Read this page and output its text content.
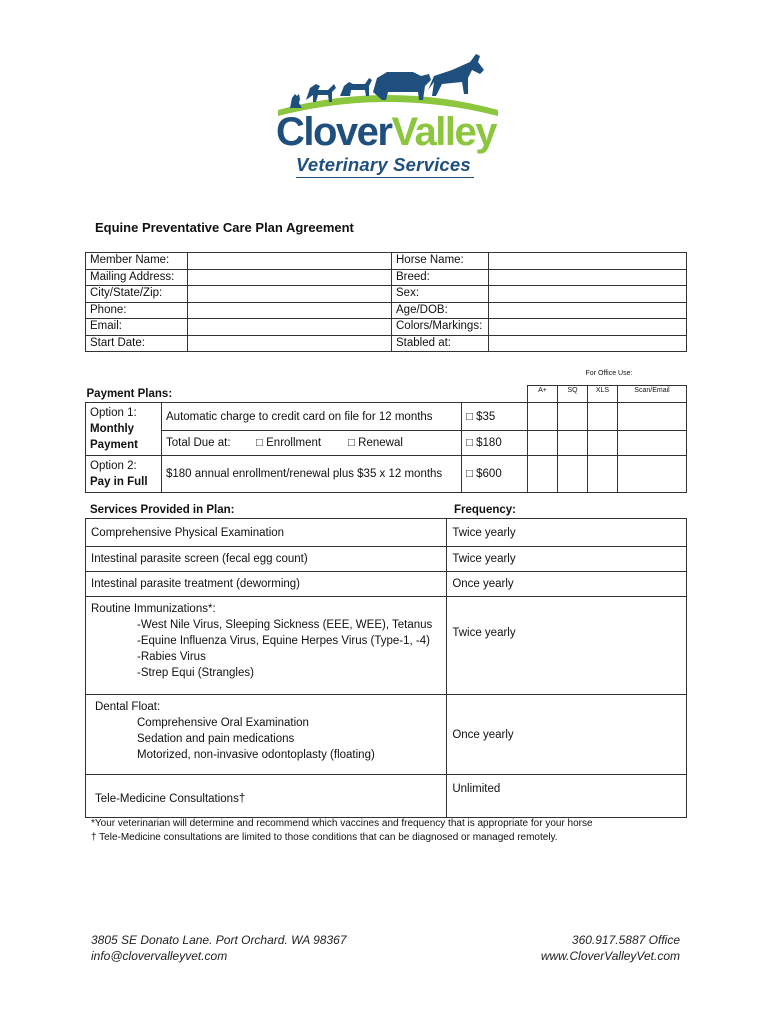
CloverValley
Veterinary Services
Equine Preventative Care Plan Agreement
Member Name:		Horse Name:	
Mailing Address:		Breed:	
City/State/Zip:		Sex:	
Phone:		Age/DOB:	
Email:		Colors/Markings:	
Start Date:		Stabled at:	
For Office Use:
Payment Plans:			A+	SQ	XLS	Scan/Email

Option 1:
Monthly
Payment	Automatic charge to credit card on file for 12 months	□ $35				
	Total Due at: □ Enrollment □ Renewal	□ $180				

Option 2:
Pay in Full	$180 annual enrollment/renewal plus $35 x 12 months	□ $600				
Services Provided in Plan:	Frequency:
Comprehensive Physical Examination	Twice yearly
Intestinal parasite screen (fecal egg count)	Twice yearly
Intestinal parasite treatment (deworming)	Once yearly

Routine Immunizations*:
-West Nile Virus, Sleeping Sickness (EEE, WEE), Tetanus
-Equine Influenza Virus, Equine Herpes Virus (Type-1, -4)
-Rabies Virus
-Strep Equi (Strangles)	Twice yearly

Dental Float:
Comprehensive Oral Examination
Sedation and pain medications
Motorized, non-invasive odontoplasty (floating)	Once yearly

Tele-Medicine Consultations†	Unlimited
*Your veterinarian will determine and recommend which vaccines and frequency that is appropriate for your horse
† Tele-Medicine consultations are limited to those conditions that can be diagnosed or managed remotely.
3805 SE Donato Lane. Port Orchard. WA 98367
info@clovervalleyvet.com
360.917.5887 Office
www.CloverValleyVet.com
